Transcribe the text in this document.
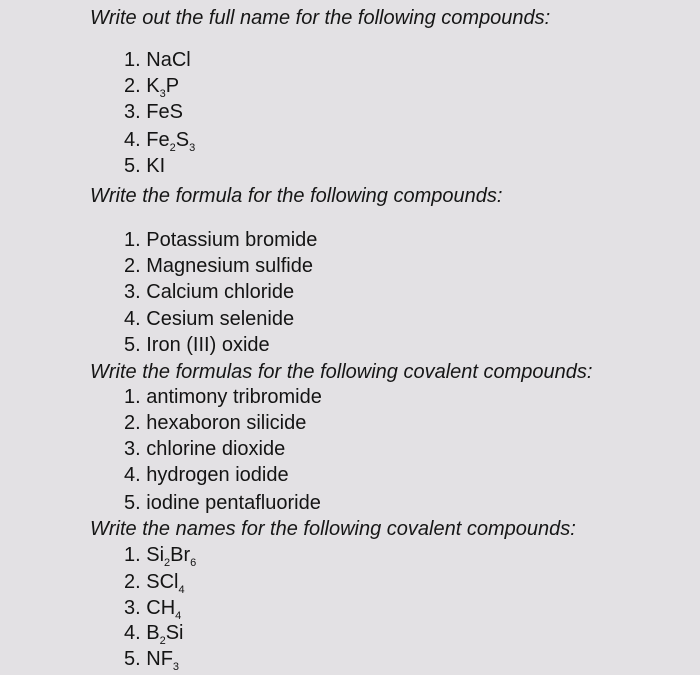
Write out the full name for the following compounds:
1. NaCl
2. $K_3P$
3. FeS
4. $Fe_2S_3$
5. KI
Write the formula for the following compounds:
1. Potassium bromide
2. Magnesium sulfide
3. Calcium chloride
4. Cesium selenide
5. Iron (III) oxide
Write the formulas for the following covalent compounds:
1. antimony tribromide
2. hexaboron silicide
3. chlorine dioxide
4. hydrogen iodide
5. iodine pentafluoride
Write the names for the following covalent compounds:
1. $Si_2Br_6$
2. SCl$_4$
3. $CH_4$
4. $B_2Si$
5. $NF_3$
